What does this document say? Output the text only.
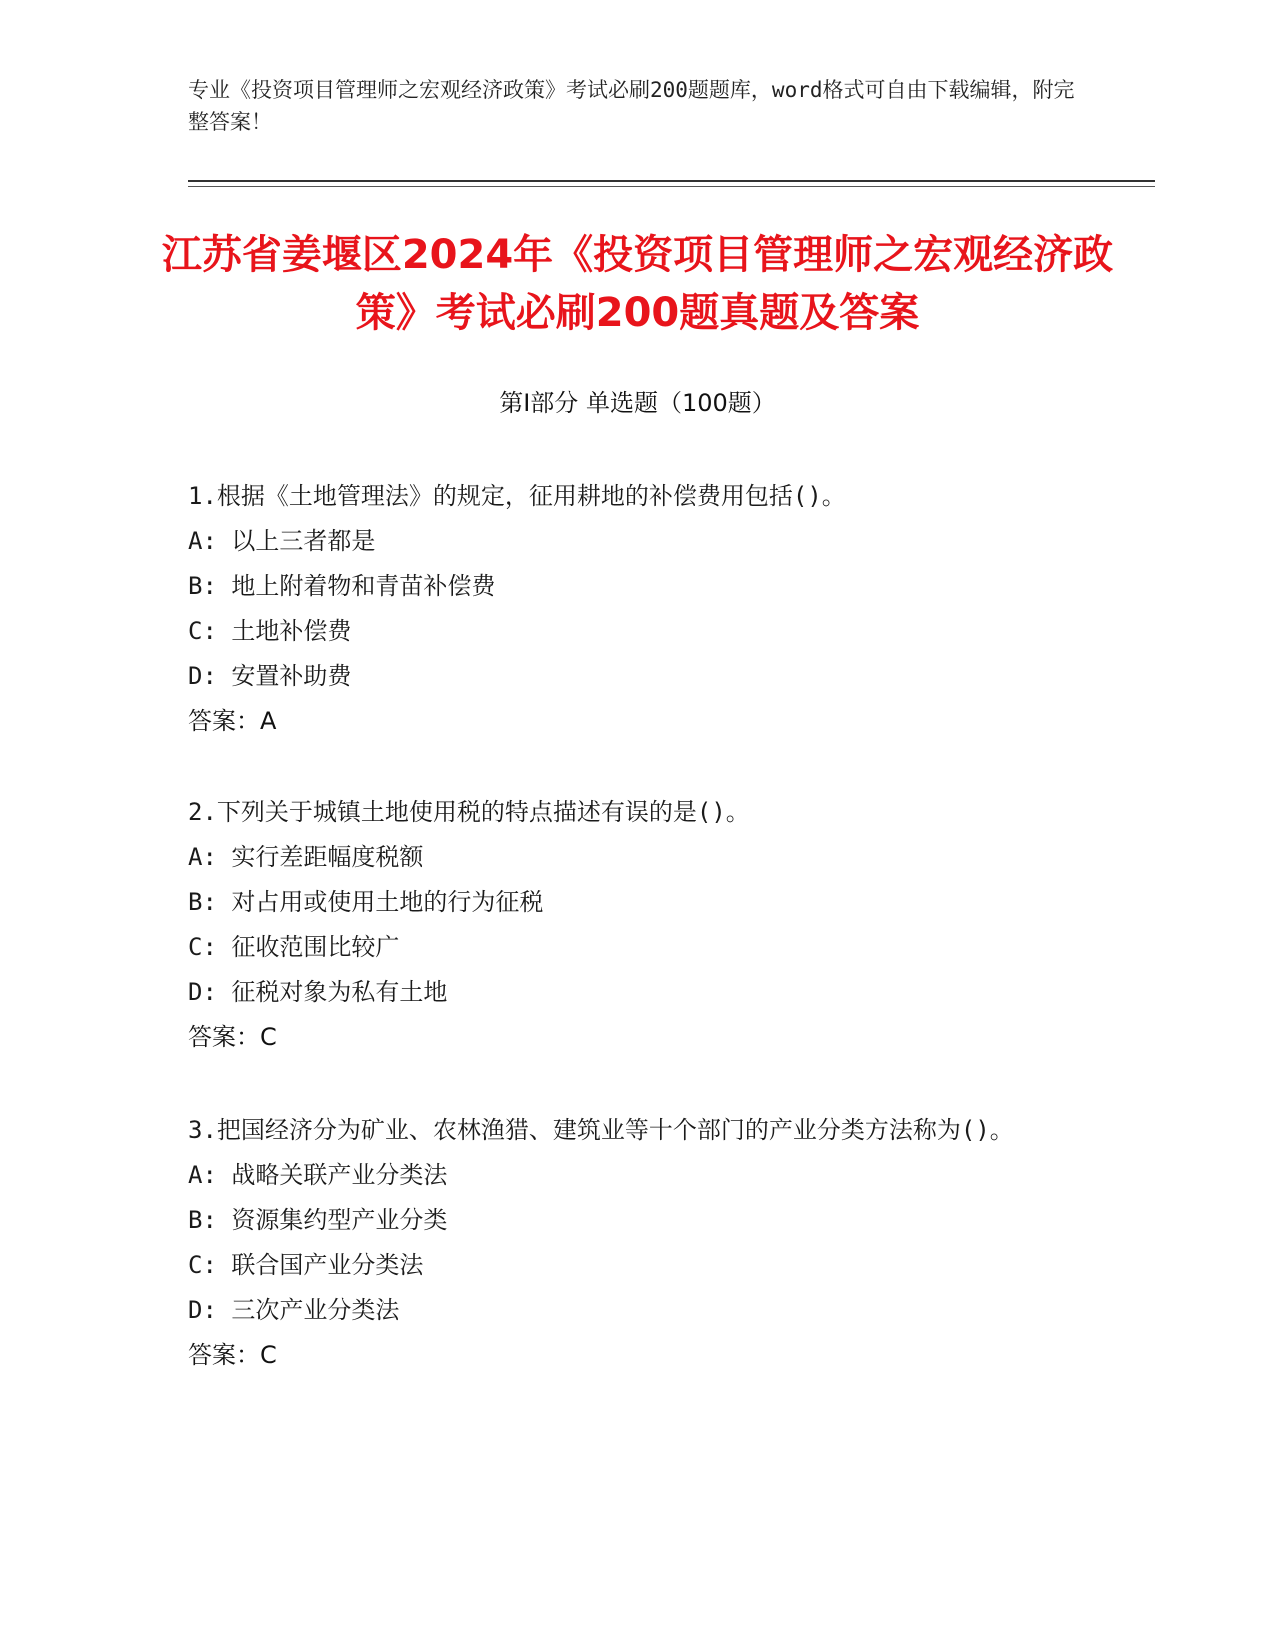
专业《投资项目管理师之宏观经济政策》考试必刷200题题库，word格式可自由下载编辑，附完整答案！
江苏省姜堰区2024年《投资项目管理师之宏观经济政策》考试必刷200题真题及答案
第Ⅰ部分 单选题（100题）

1.根据《土地管理法》的规定，征用耕地的补偿费用包括()。

A: 以上三者都是

B: 地上附着物和青苗补偿费

C: 土地补偿费

D: 安置补助费

答案：A

2.下列关于城镇土地使用税的特点描述有误的是()。

A: 实行差距幅度税额

B: 对占用或使用土地的行为征税

C: 征收范围比较广

D: 征税对象为私有土地

答案：C

3.把国经济分为矿业、农林渔猎、建筑业等十个部门的产业分类方法称为()。

A: 战略关联产业分类法

B: 资源集约型产业分类

C: 联合国产业分类法

D: 三次产业分类法

答案：C
